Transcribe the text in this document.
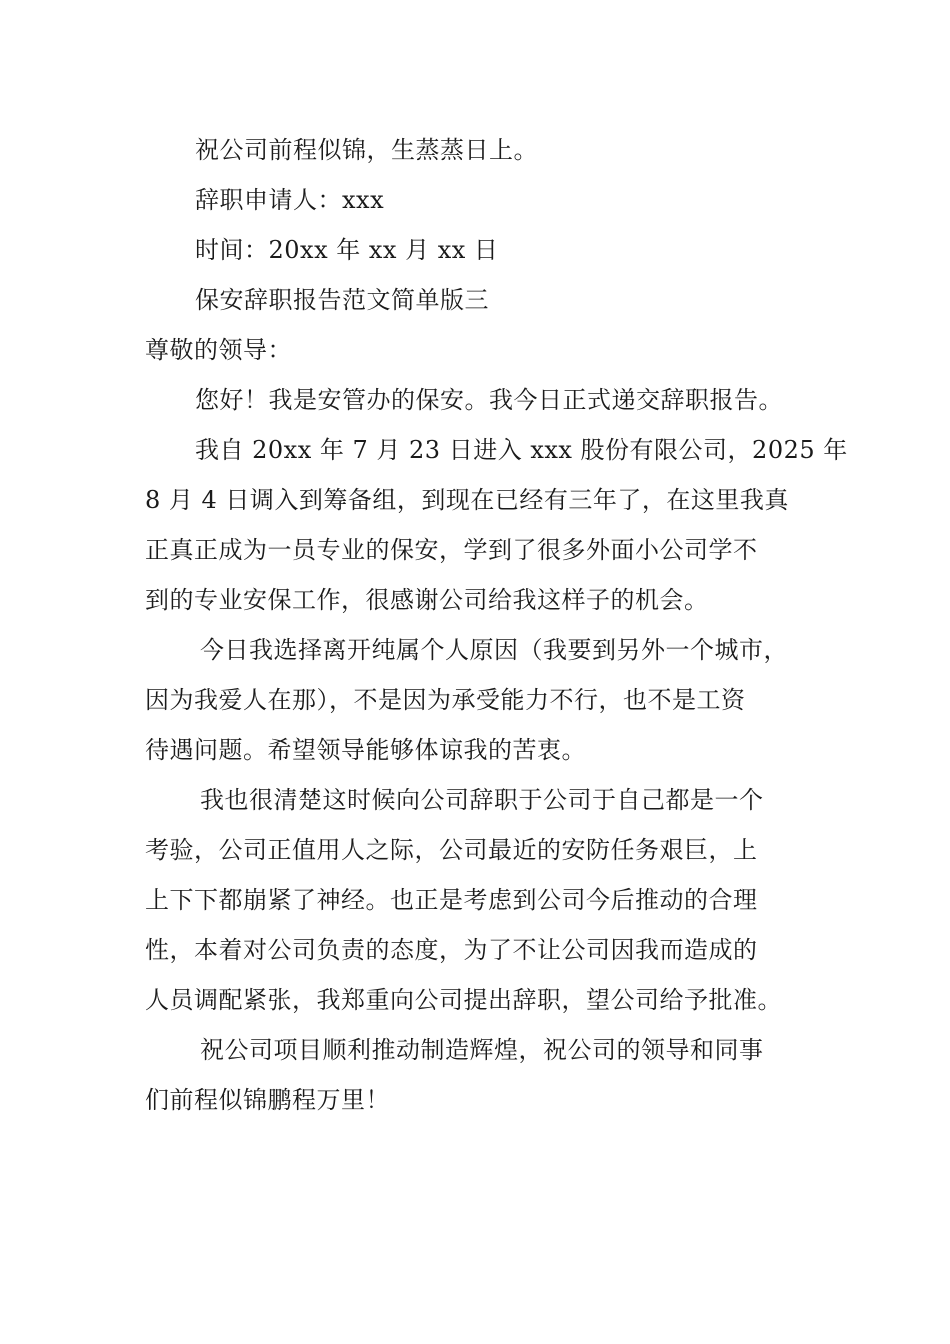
祝公司前程似锦，生蒸蒸日上。
辞职申请人：xxx
时间：20xx 年 xx 月 xx 日
保安辞职报告范文简单版三
尊敬的领导：
您好！我是安管办的保安。我今日正式递交辞职报告。
我自 20xx 年 7 月 23 日进入 xxx 股份有限公司，2025 年
8 月 4 日调入到筹备组，到现在已经有三年了，在这里我真
正真正成为一员专业的保安，学到了很多外面小公司学不
到的专业安保工作，很感谢公司给我这样子的机会。
今日我选择离开纯属个人原因（我要到另外一个城市，
因为我爱人在那），不是因为承受能力不行，也不是工资
待遇问题。希望领导能够体谅我的苦衷。
我也很清楚这时候向公司辞职于公司于自己都是一个
考验，公司正值用人之际，公司最近的安防任务艰巨，上
上下下都崩紧了神经。也正是考虑到公司今后推动的合理
性，本着对公司负责的态度，为了不让公司因我而造成的
人员调配紧张，我郑重向公司提出辞职，望公司给予批准。
祝公司项目顺利推动制造辉煌，祝公司的领导和同事
们前程似锦鹏程万里！
